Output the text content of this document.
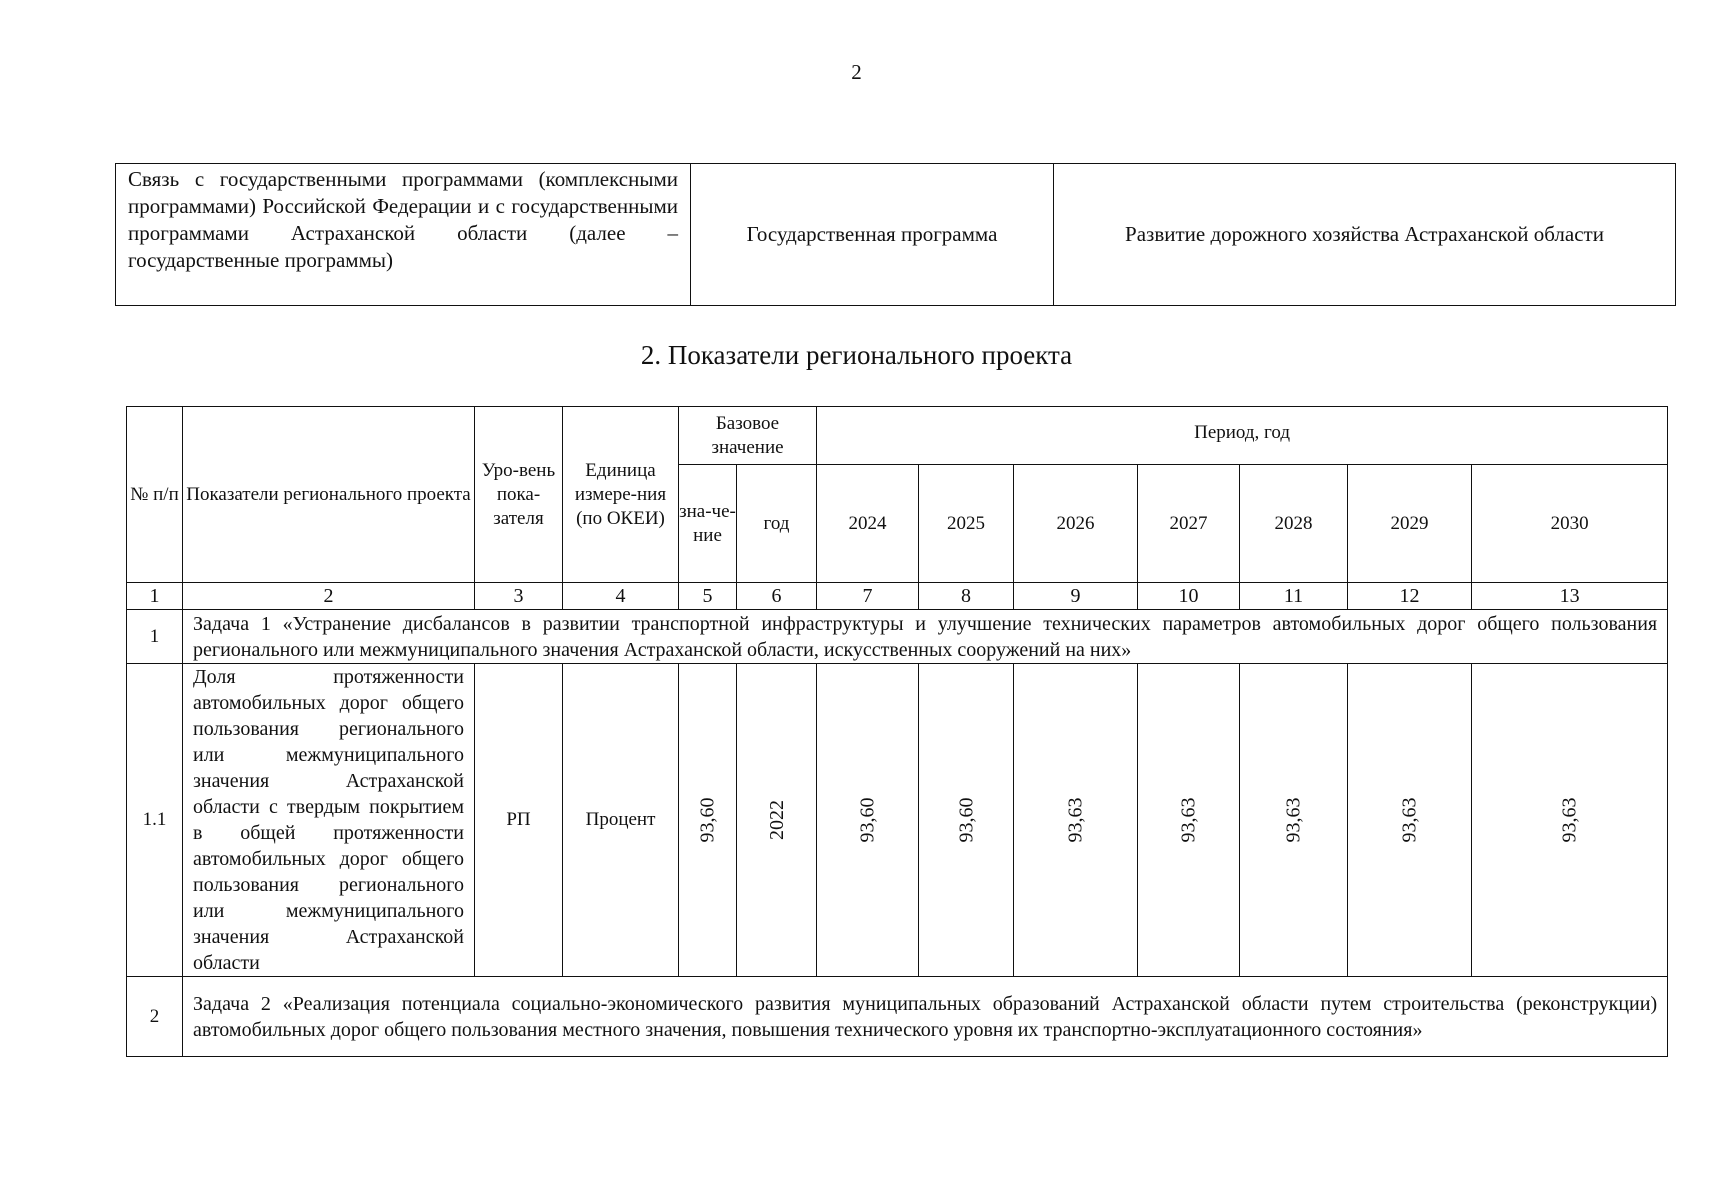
2
Связь с государственными программами (комплексными программами) Российской Федерации и с государственными программами Астраханской области (далее – государственные программы)	Государственная программа	Развитие дорожного хозяйства Астраханской области
2. Показатели регионального проекта
№ п/п	Показатели регионального проекта	Уро-вень пока-зателя	Единица измере-ния (по ОКЕИ)	Базовое значение		Период, год						
				зна-че-ние	год	2024	2025	2026	2027	2028	2029	2030
1	2	3	4	5	6	7	8	9	10	11	12	13
1	Задача 1 «Устранение дисбалансов в развитии транспортной инфраструктуры и улучшение технических параметров автомобильных дорог общего пользования регионального или межмуниципального значения Астраханской области, искусственных сооружений на них»											
1.1	Доля протяженности автомобильных дорог общего пользования регионального или межмуниципального значения Астраханской области с твердым покрытием в общей протяженности автомобильных дорог общего пользования регионального или межмуниципального значения Астраханской области	РП	Процент	93,60	2022	93,60	93,60	93,63	93,63	93,63	93,63	93,63
2	Задача 2 «Реализация потенциала социально-экономического развития муниципальных образований Астраханской области путем строительства (реконструкции) автомобильных дорог общего пользования местного значения, повышения технического уровня их транспортно-эксплуатационного состояния»											
